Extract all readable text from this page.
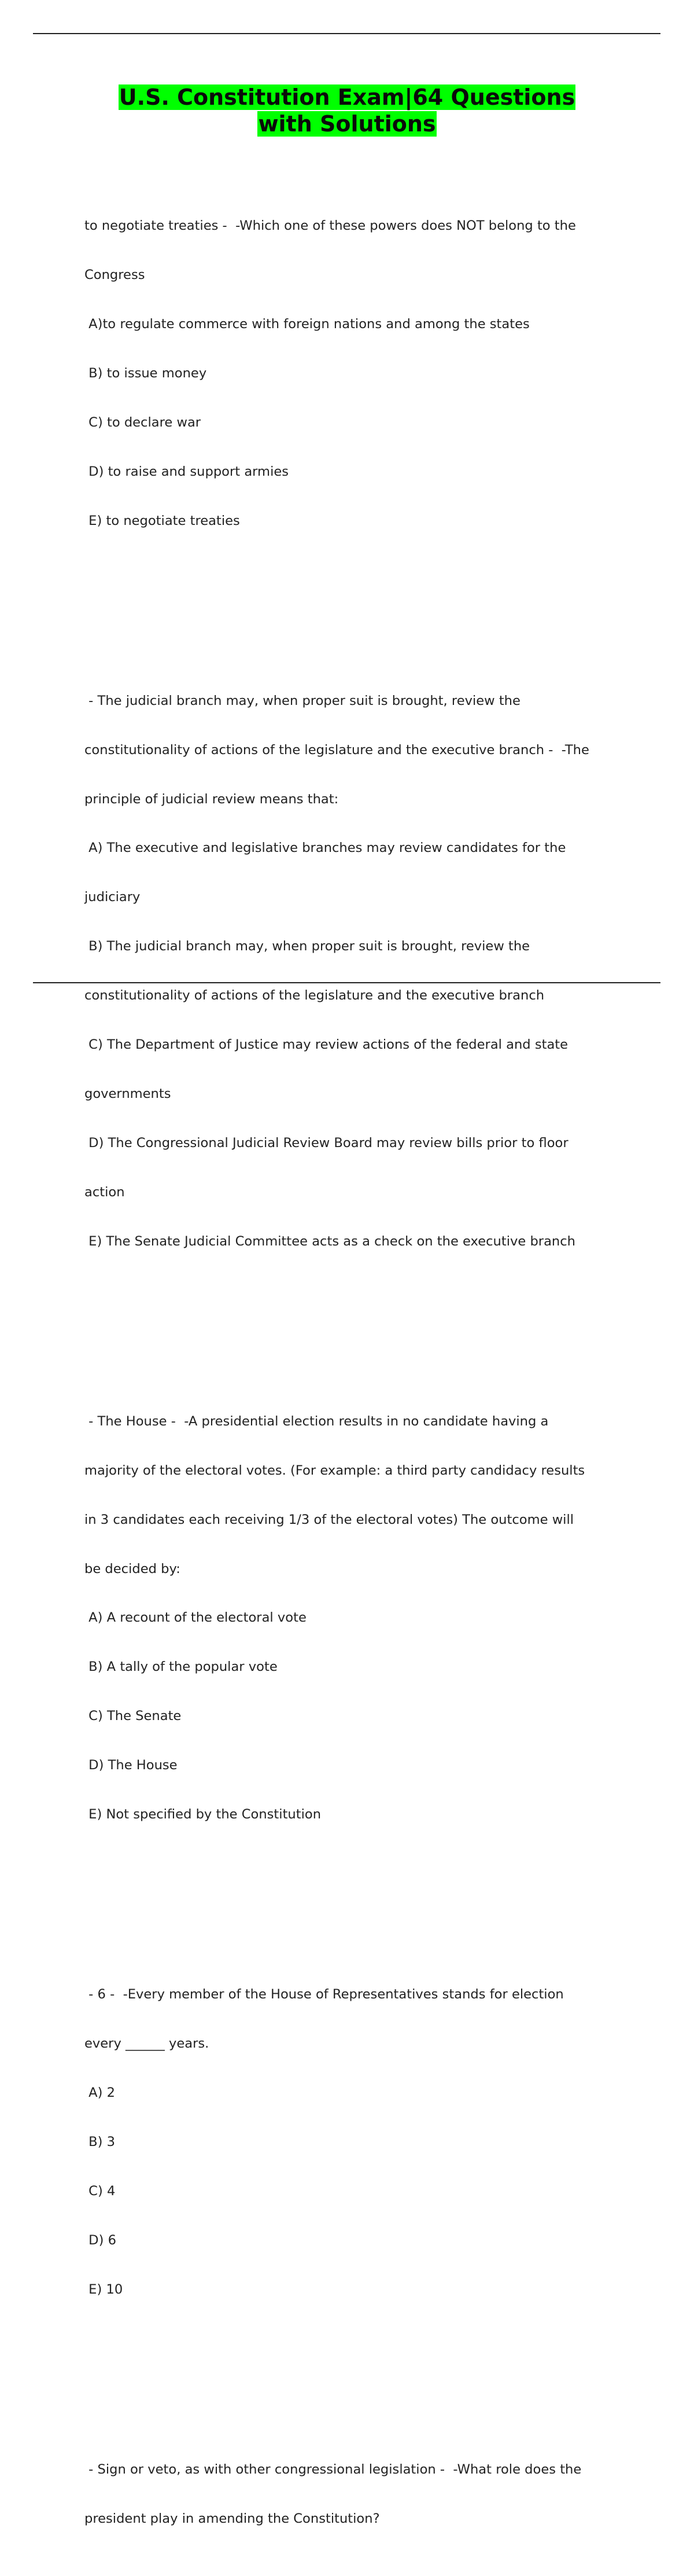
U.S. Constitution Exam|64 Questions
with Solutions

to negotiate treaties -  -Which one of these powers does NOT belong to the

Congress

A)to regulate commerce with foreign nations and among the states

B) to issue money

C) to declare war

D) to raise and support armies

E) to negotiate treaties

- The judicial branch may, when proper suit is brought, review the

constitutionality of actions of the legislature and the executive branch -  -The

principle of judicial review means that:

A) The executive and legislative branches may review candidates for the

judiciary

B) The judicial branch may, when proper suit is brought, review the

constitutionality of actions of the legislature and the executive branch

C) The Department of Justice may review actions of the federal and state

governments

D) The Congressional Judicial Review Board may review bills prior to floor

action

E) The Senate Judicial Committee acts as a check on the executive branch

- The House -  -A presidential election results in no candidate having a

majority of the electoral votes. (For example: a third party candidacy results

in 3 candidates each receiving 1/3 of the electoral votes) The outcome will

be decided by:

A) A recount of the electoral vote

B) A tally of the popular vote

C) The Senate

D) The House

E) Not specified by the Constitution

- 6 -  -Every member of the House of Representatives stands for election

every ______ years.

A) 2

B) 3

C) 4

D) 6

E) 10

- Sign or veto, as with other congressional legislation -  -What role does the

president play in amending the Constitution?
